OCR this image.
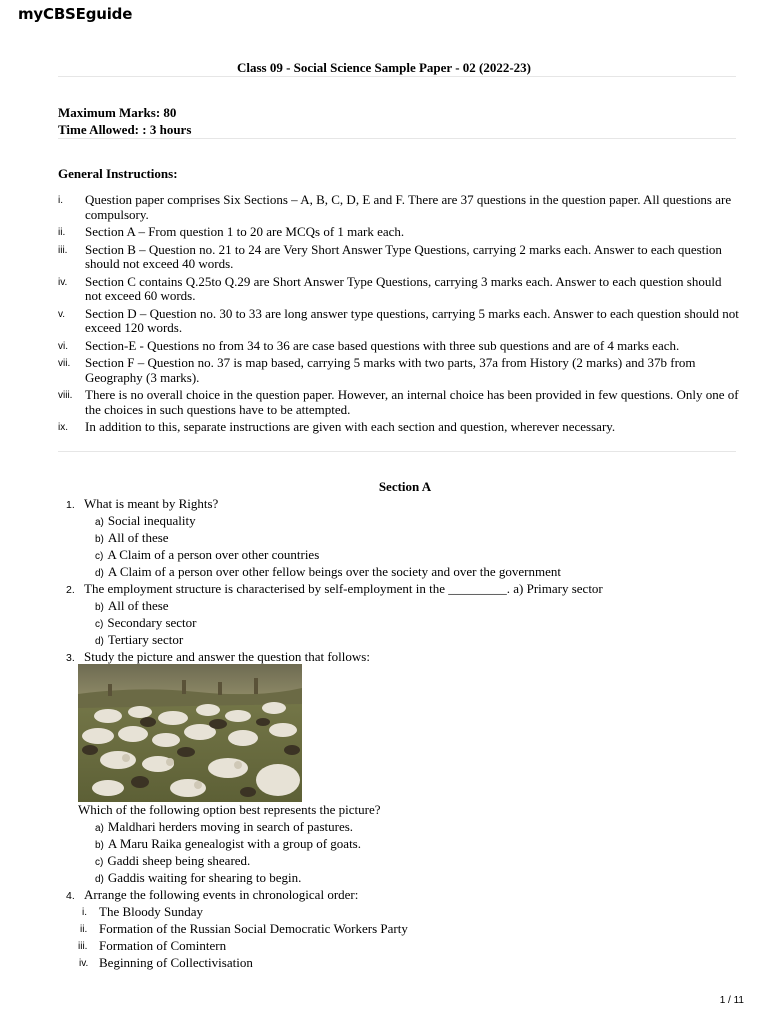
myCBSEguide
Class 09 - Social Science Sample Paper - 02 (2022-23)
Maximum Marks: 80
Time Allowed: : 3 hours
General Instructions:
i. Question paper comprises Six Sections – A, B, C, D, E and F. There are 37 questions in the question paper. All questions are compulsory.
ii. Section A – From question 1 to 20 are MCQs of 1 mark each.
iii. Section B – Question no. 21 to 24 are Very Short Answer Type Questions, carrying 2 marks each. Answer to each question should not exceed 40 words.
iv. Section C contains Q.25to Q.29 are Short Answer Type Questions, carrying 3 marks each. Answer to each question should not exceed 60 words.
v. Section D – Question no. 30 to 33 are long answer type questions, carrying 5 marks each. Answer to each question should not exceed 120 words.
vi. Section-E - Questions no from 34 to 36 are case based questions with three sub questions and are of 4 marks each.
vii. Section F – Question no. 37 is map based, carrying 5 marks with two parts, 37a from History (2 marks) and 37b from Geography (3 marks).
viii. There is no overall choice in the question paper. However, an internal choice has been provided in few questions. Only one of the choices in such questions have to be attempted.
ix. In addition to this, separate instructions are given with each section and question, wherever necessary.
Section A
1. What is meant by Rights?
a) Social inequality
b) All of these
c) A Claim of a person over other countries
d) A Claim of a person over other fellow beings over the society and over the government
2. The employment structure is characterised by self-employment in the _________. a) Primary sector
b) All of these
c) Secondary sector
d) Tertiary sector
3. Study the picture and answer the question that follows:
Which of the following option best represents the picture?
a) Maldhari herders moving in search of pastures.
b) A Maru Raika genealogist with a group of goats.
c) Gaddi sheep being sheared.
d) Gaddis waiting for shearing to begin.
4. Arrange the following events in chronological order:
i. The Bloody Sunday
ii. Formation of the Russian Social Democratic Workers Party
iii. Formation of Comintern
iv. Beginning of Collectivisation
1 / 11
